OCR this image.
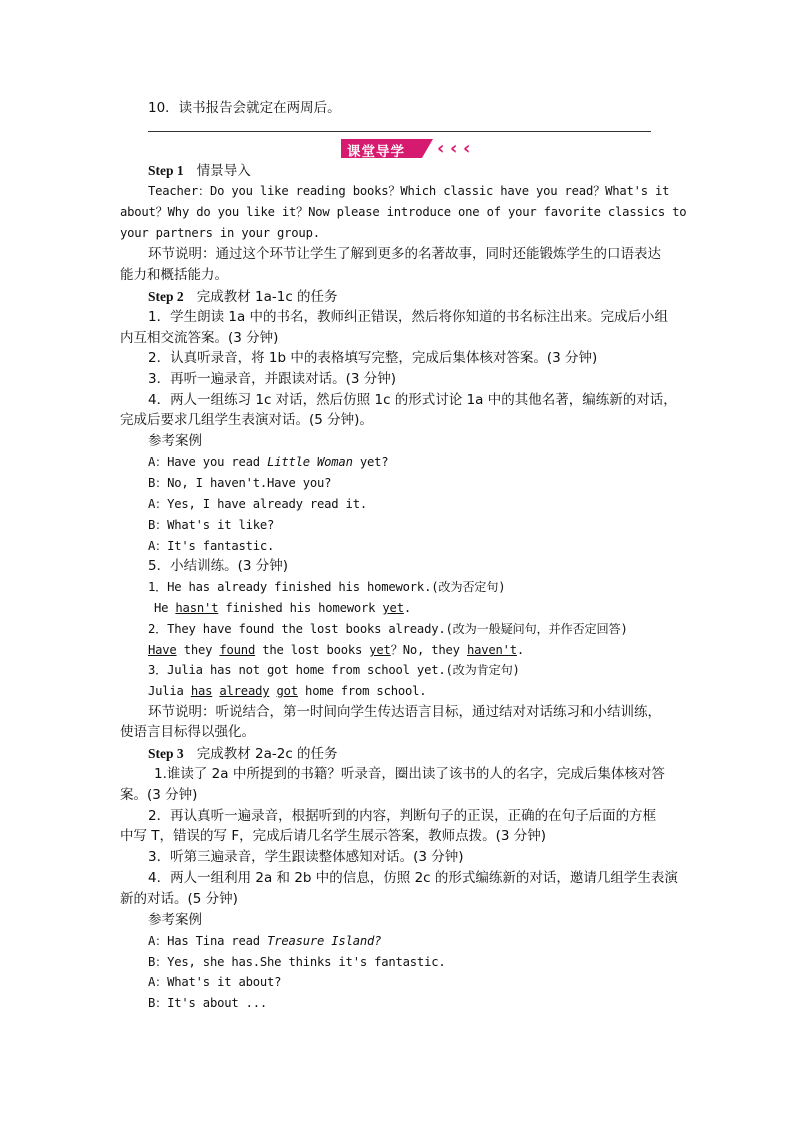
10．读书报告会就定在两周后。
课堂导学 ‹ ‹ ‹
Step 1 情景导入
Teacher：Do you like reading books？Which classic have you read？What's it
about？Why do you like it？Now please introduce one of your favorite classics to
your partners in your group.
环节说明：通过这个环节让学生了解到更多的名著故事，同时还能锻炼学生的口语表达
能力和概括能力。
Step 2 完成教材 1a-1c 的任务
1．学生朗读 1a 中的书名，教师纠正错误，然后将你知道的书名标注出来。完成后小组
内互相交流答案。(3 分钟)
2．认真听录音，将 1b 中的表格填写完整，完成后集体核对答案。(3 分钟)
3．再听一遍录音，并跟读对话。(3 分钟)
4．两人一组练习 1c 对话，然后仿照 1c 的形式讨论 1a 中的其他名著，编练新的对话，
完成后要求几组学生表演对话。(5 分钟)。
参考案例
A：Have you read Little Woman yet?
B：No, I haven't.Have you?
A：Yes, I have already read it.
B：What's it like?
A：It's fantastic.
5．小结训练。(3 分钟)
1．He has already finished his homework.(改为否定句)
He hasn't finished his homework yet.
2．They have found the lost books already.(改为一般疑问句，并作否定回答)
Have they found the lost books yet？No, they haven't.
3．Julia has not got home from school yet.(改为肯定句)
Julia has already got home from school.
环节说明：听说结合，第一时间向学生传达语言目标，通过结对对话练习和小结训练，
使语言目标得以强化。
Step 3 完成教材 2a-2c 的任务
1.谁读了 2a 中所提到的书籍？听录音，圈出读了该书的人的名字，完成后集体核对答
案。(3 分钟)
2．再认真听一遍录音，根据听到的内容，判断句子的正误，正确的在句子后面的方框
中写 T，错误的写 F，完成后请几名学生展示答案，教师点拨。(3 分钟)
3．听第三遍录音，学生跟读整体感知对话。(3 分钟)
4．两人一组利用 2a 和 2b 中的信息，仿照 2c 的形式编练新的对话，邀请几组学生表演
新的对话。(5 分钟)
参考案例
A：Has Tina read Treasure Island?
B：Yes, she has.She thinks it's fantastic.
A：What's it about?
B：It's about ...
